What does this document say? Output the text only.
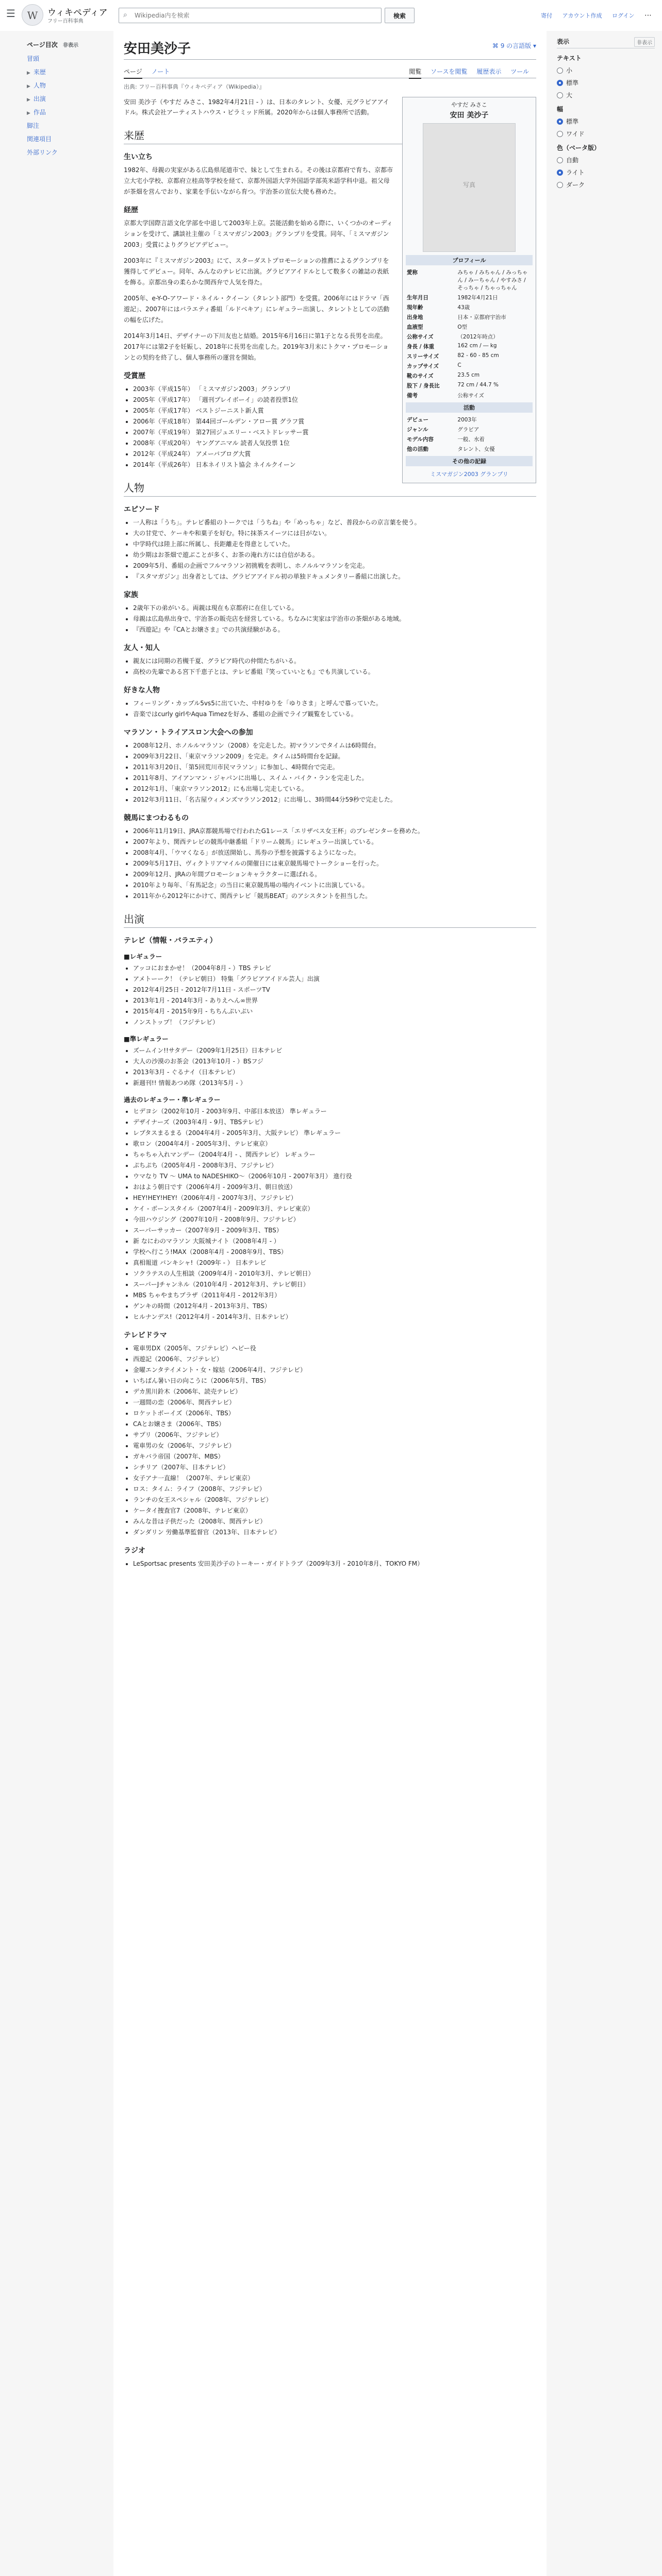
☰	W	ウィキペディア
フリー百科事典
⌕
Wikipedia内を検索	検索	寄付 アカウント作成 ログイン ⋯
ページ目次 非表示
冒頭
▶ 来歴
▶ 人物
▶ 出演
▶ 作品
脚注
関連項目
外部リンク
安田美沙子	⌘ 9 の言語版 ▾
ページ ノート	閲覧 ソースを閲覧 履歴表示 ツール
出典: フリー百科事典『ウィキペディア（Wikipedia）』
やすだ みさこ
安田 美沙子
写真
プロフィール
愛称	みちゃ / みちゃん / みっちゃん / みーちゃん / やすみさ / そっちゃ / ちゃっちゃん
生年月日	1982年4月21日
現年齢	43歳
出身地	日本・京都府宇治市
血液型	O型
公称サイズ	（2012年時点）
身長 / 体重	162 cm / ― kg
スリーサイズ	82 - 60 - 85 cm
カップサイズ	C
靴のサイズ	23.5 cm
股下 / 身長比	72 cm / 44.7 %
備考	公称サイズ
活動
デビュー	2003年
ジャンル	グラビア
モデル内容	一般、水着
他の活動	タレント、女優
その他の記録
ミスマガジン2003 グランプリ

安田 美沙子（やすだ みさこ、1982年4月21日 - ）は、日本のタレント、女優、元グラビアアイドル。株式会社アーティストハウス・ピラミッド所属。2020年からは個人事務所で活動。

来歴
生い立ち

1982年、母親の実家がある広島県尾道市で、妹として生まれる。その後は京都府で育ち、京都市立大宅小学校、京都府立桂高等学校を経て、京都外国語大学外国語学部英米語学科中退。祖父母が茶畑を営んでおり、家業を手伝いながら育つ。宇治茶の宣伝大使も務めた。

経歴

京都大学国際言語文化学部を中退して2003年上京。芸能活動を始める際に、いくつかのオーディションを受けて、講談社主催の「ミスマガジン2003」グランプリを受賞。同年、「ミスマガジン2003」受賞によりグラビアデビュー。

2003年に『ミスマガジン2003』にて、スターダストプロモーションの推薦によるグランプリを獲得してデビュー。同年、みんなのテレビに出演。グラビアアイドルとして数多くの雑誌の表紙を飾る。京都出身の柔らかな関西弁で人気を得た。

2005年、e-Y-O-アワード・ネイル・クイーン（タレント部門）を受賞。2006年にはドラマ「西遊記」、2007年にはバラエティ番組「ルドベキア」にレギュラー出演し、タレントとしての活動の幅を広げた。

2014年3月14日、デザイナーの下川友也と結婚。2015年6月16日に第1子となる長男を出産。2017年には第2子を妊娠し、2018年に長男を出産した。2019年3月末にトクマ・プロモーションとの契約を終了し、個人事務所の運営を開始。

受賞歴
• 2003年（平成15年） 「ミスマガジン2003」グランプリ
• 2005年（平成17年） 「週刊プレイボーイ」の読者投票1位
• 2005年（平成17年） ベストジーニスト新人賞
• 2006年（平成18年） 第44回ゴールデン・アロー賞 グラフ賞
• 2007年（平成19年） 第27回ジュエリー・ベストドレッサー賞
• 2008年（平成20年） ヤングアニマル 読者人気投票 1位
• 2012年（平成24年） アメーバブログ大賞
• 2014年（平成26年） 日本ネイリスト協会 ネイルクイーン
人物
エピソード
• 一人称は「うち」。テレビ番組のトークでは「うちね」や「めっちゃ」など、普段からの京言葉を使う。
• 大の甘党で、ケーキや和菓子を好む。特に抹茶スイーツには目がない。
• 中学時代は陸上部に所属し、長距離走を得意としていた。
• 幼少期はお茶畑で遊ぶことが多く、お茶の淹れ方には自信がある。
• 2009年5月、番組の企画でフルマラソン初挑戦を表明し、ホノルルマラソンを完走。
• 『スタマガジン』出身者としては、グラビアアイドル初の単独ドキュメンタリー番組に出演した。
家族
• 2歳年下の弟がいる。両親は現在も京都府に在住している。
• 母親は広島県出身で、宇治茶の販売店を経営している。ちなみに実家は宇治市の茶畑がある地域。
• 『西遊記』や『CAとお嬢さま』での共演経験がある。
友人・知人
• 親友には同期の若槻千夏、グラビア時代の仲間たちがいる。
• 高校の先輩である宮下千恵子とは、テレビ番組『笑っていいとも』でも共演している。
好きな人物
• フィーリング・カップル5vs5に出ていた、中村ゆりを「ゆりさま」と呼んで慕っていた。
• 音楽ではcurly girlやAqua Timezを好み、番組の企画でライブ観覧をしている。
マラソン・トライアスロン大会への参加
• 2008年12月、ホノルルマラソン（2008）を完走した。初マラソンでタイムは6時間台。
• 2009年3月22日、「東京マラソン2009」を完走。タイムは5時間台を記録。
• 2011年3月20日、「第5回荒川市民マラソン」に参加し、4時間台で完走。
• 2011年8月、アイアンマン・ジャパンに出場し、スイム・バイク・ランを完走した。
• 2012年1月、「東京マラソン2012」にも出場し完走している。
• 2012年3月11日、「名古屋ウィメンズマラソン2012」に出場し、3時間44分59秒で完走した。
競馬にまつわるもの
• 2006年11月19日、JRA京都競馬場で行われたG1レース「エリザベス女王杯」のプレゼンターを務めた。
• 2007年より、関西テレビの競馬中継番組「ドリーム競馬」にレギュラー出演している。
• 2008年4月、「ウマくなる」が放送開始し、馬券の予想を披露するようになった。
• 2009年5月17日、ヴィクトリアマイルの開催日には東京競馬場でトークショーを行った。
• 2009年12月、JRAの年間プロモーションキャラクターに選ばれる。
• 2010年より毎年、「有馬記念」の当日に東京競馬場の場内イベントに出演している。
• 2011年から2012年にかけて、関西テレビ「競馬BEAT」のアシスタントを担当した。
出演
テレビ（情報・バラエティ）
■レギュラー
• アッコにおまかせ！（2004年8月 - ）TBS テレビ
• アメトーーク！（テレビ朝日） 特集「グラビアアイドル芸人」出演
• 2012年4月25日 - 2012年7月11日 - スポーツTV
• 2013年1月 - 2014年3月 - ありえへん∞世界
• 2015年4月 - 2015年9月 - ちちんぷいぷい
• ノンストップ！（フジテレビ）
■準レギュラー
• ズームイン!!サタデー（2009年1月25日）日本テレビ
• 大人の沙漠のお茶会（2013年10月 - ）BSフジ
• 2013年3月 - ぐるナイ（日本テレビ）
• 新週刊!! 情報あつめ隊（2013年5月 - ）
過去のレギュラー・準レギュラー
• ヒデヨシ（2002年10月 - 2003年9月、中部日本放送） 準レギュラー
• デザイナーズ（2003年4月 - 9月、TBSテレビ）
• レプタスまるまる（2004年4月 - 2005年3月、大阪テレビ） 準レギュラー
• 歌ロン（2004年4月 - 2005年3月、テレビ東京）
• ちゃちゃ入れマンデー（2004年4月 - 、関西テレビ） レギュラー
• ぷちぷち（2005年4月 - 2008年3月、フジテレビ）
• ウマなり TV ～ UMA to NADESHIKO～（2006年10月 - 2007年3月） 進行役
• おはよう朝日です（2006年4月 - 2009年3月、朝日放送）
• HEY!HEY!HEY!（2006年4月 - 2007年3月、フジテレビ）
• ケイ - ボーンスタイル（2007年4月 - 2009年3月、テレビ東京）
• 今田ハウジング（2007年10月 - 2008年9月、フジテレビ）
• スーパーサッカー（2007年9月 - 2009年3月、TBS）
• 新 なにわのマラソン 大阪城ナイト（2008年4月 - ）
• 学校へ行こう!MAX（2008年4月 - 2008年9月、TBS）
• 真相報道 バンキシャ!（2009年 - ） 日本テレビ
• ソクラテスの人生相談（2009年4月 - 2010年3月、テレビ朝日）
• スーパーJチャンネル（2010年4月 - 2012年3月、テレビ朝日）
• MBS ちゃやまちプラザ（2011年4月 - 2012年3月）
• ゲンキの時間（2012年4月 - 2013年3月、TBS）
• ヒルナンデス!（2012年4月 - 2014年3月、日本テレビ）
テレビドラマ
• 電車男DX（2005年、フジテレビ）ヘビー役
• 西遊記（2006年、フジテレビ）
• 金曜エンタテイメント・女・嫁姑（2006年4月、フジテレビ）
• いちばん暑い日の向こうに（2006年5月、TBS）
• デカ黒川鈴木（2006年、読売テレビ）
• 一週間の恋（2006年、関西テレビ）
• ロケットボーイズ（2006年、TBS）
• CAとお嬢さま（2006年、TBS）
• サプリ（2006年、フジテレビ）
• 電車男の女（2006年、フジテレビ）
• ガキバラ帝国（2007年、MBS）
• シチリア（2007年、日本テレビ）
• 女子アナ一直線！（2007年、テレビ東京）
• ロス：タイム：ライフ（2008年、フジテレビ）
• ランチの女王スペシャル（2008年、フジテレビ）
• ケータイ捜査官7（2008年、テレビ東京）
• みんな昔は子供だった（2008年、関西テレビ）
• ダンダリン 労働基準監督官（2013年、日本テレビ）
ラジオ
• LeSportsac presents 安田美沙子のトーキー・ガイドトラブ（2009年3月 - 2010年8月、TOKYO FM）
表示	非表示
テキスト
小
標準
大
幅
標準
ワイド
色（ベータ版）
自動
ライト
ダーク
